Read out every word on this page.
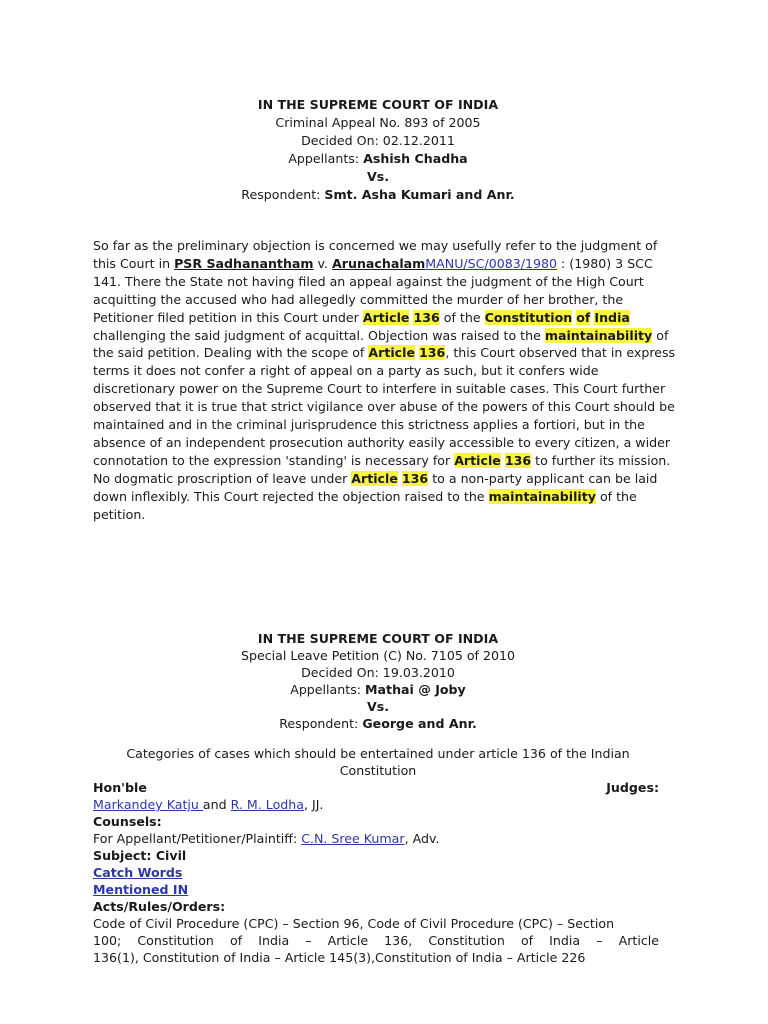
IN THE SUPREME COURT OF INDIA
Criminal Appeal No. 893 of 2005
Decided On: 02.12.2011
Appellants: Ashish Chadha
Vs.
Respondent: Smt. Asha Kumari and Anr.
So far as the preliminary objection is concerned we may usefully refer to the judgment of this Court in PSR Sadhanantham v. ArunachalamMANU/SC/0083/1980 : (1980) 3 SCC 141. There the State not having filed an appeal against the judgment of the High Court acquitting the accused who had allegedly committed the murder of her brother, the Petitioner filed petition in this Court under Article 136 of the Constitution of India challenging the said judgment of acquittal. Objection was raised to the maintainability of the said petition. Dealing with the scope of Article 136, this Court observed that in express terms it does not confer a right of appeal on a party as such, but it confers wide discretionary power on the Supreme Court to interfere in suitable cases. This Court further observed that it is true that strict vigilance over abuse of the powers of this Court should be maintained and in the criminal jurisprudence this strictness applies a fortiori, but in the absence of an independent prosecution authority easily accessible to every citizen, a wider connotation to the expression 'standing' is necessary for Article 136 to further its mission. No dogmatic proscription of leave under Article 136 to a non-party applicant can be laid down inflexibly. This Court rejected the objection raised to the maintainability of the petition.
IN THE SUPREME COURT OF INDIA
Special Leave Petition (C) No. 7105 of 2010
Decided On: 19.03.2010
Appellants: Mathai @ Joby
Vs.
Respondent: George and Anr.
Categories of cases which should be entertained under article 136 of the Indian Constitution
Hon'ble	Judges:
Markandey Katju and R. M. Lodha, JJ.
Counsels:
For Appellant/Petitioner/Plaintiff: C.N. Sree Kumar, Adv.
Subject: Civil
Catch Words
Mentioned IN
Acts/Rules/Orders:
Code of Civil Procedure (CPC) – Section 96, Code of Civil Procedure (CPC) – Section
100; Constitution of India – Article 136, Constitution of India – Article
136(1), Constitution of India – Article 145(3),Constitution of India – Article 226
